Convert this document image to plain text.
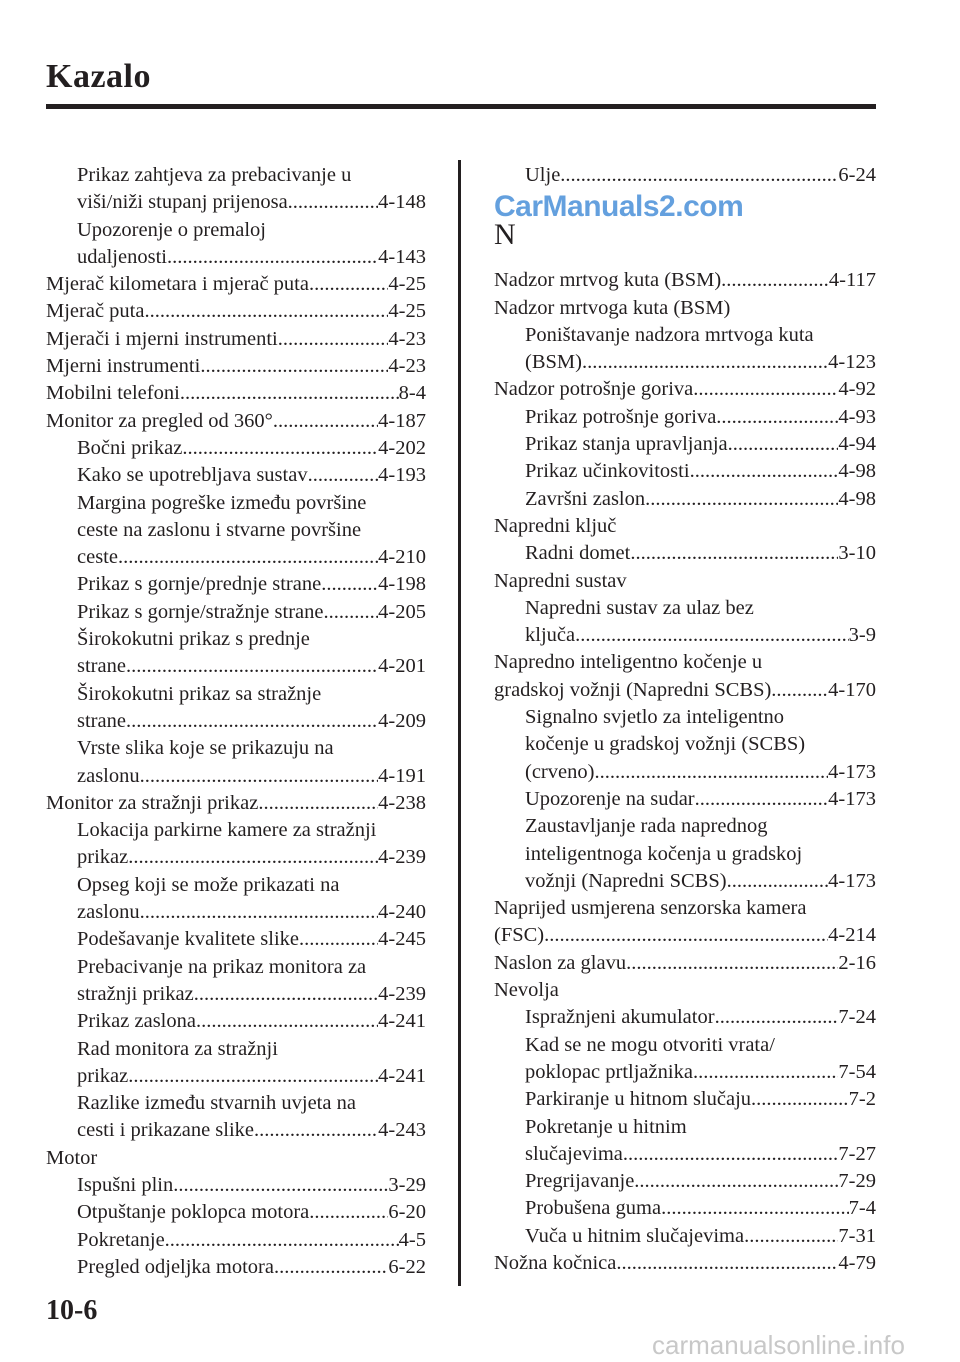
Kazalo
Prikaz zahtjeva za prebacivanje u
viši/niži stupanj prijenosa .....	4-148
Upozorenje o premaloj
udaljenosti .....	4-143
Mjerač kilometara i mjerač puta .....	4-25
Mjerač puta .....	4-25
Mjerači i mjerni instrumenti .....	4-23
Mjerni instrumenti .....	4-23
Mobilni telefoni .....	8-4
Monitor za pregled od 360° .....	4-187
Bočni prikaz .....	4-202
Kako se upotrebljava sustav .....	4-193
Margina pogreške između površine
ceste na zaslonu i stvarne površine
ceste .....	4-210
Prikaz s gornje/prednje strane .....	4-198
Prikaz s gornje/stražnje strane .....	4-205
Širokokutni prikaz s prednje
strane .....	4-201
Širokokutni prikaz sa stražnje
strane .....	4-209
Vrste slika koje se prikazuju na
zaslonu .....	4-191
Monitor za stražnji prikaz .....	4-238
Lokacija parkirne kamere za stražnji
prikaz .....	4-239
Opseg koji se može prikazati na
zaslonu .....	4-240
Podešavanje kvalitete slike .....	4-245
Prebacivanje na prikaz monitora za
stražnji prikaz .....	4-239
Prikaz zaslona .....	4-241
Rad monitora za stražnji
prikaz .....	4-241
Razlike između stvarnih uvjeta na
cesti i prikazane slike .....	4-243
Motor
Ispušni plin .....	3-29
Otpuštanje poklopca motora .....	6-20
Pokretanje .....	4-5
Pregled odjeljka motora .....	6-22
Ulje .....	6-24
N
Nadzor mrtvog kuta (BSM) .....	4-117
Nadzor mrtvoga kuta (BSM)
Poništavanje nadzora mrtvoga kuta
(BSM) .....	4-123
Nadzor potrošnje goriva .....	4-92
Prikaz potrošnje goriva .....	4-93
Prikaz stanja upravljanja .....	4-94
Prikaz učinkovitosti .....	4-98
Završni zaslon .....	4-98
Napredni ključ
Radni domet .....	3-10
Napredni sustav
Napredni sustav za ulaz bez
ključa .....	3-9
Napredno inteligentno kočenje u
gradskoj vožnji (Napredni SCBS) .....	4-170
Signalno svjetlo za inteligentno
kočenje u gradskoj vožnji (SCBS)
(crveno) .....	4-173
Upozorenje na sudar .....	4-173
Zaustavljanje rada naprednog
inteligentnoga kočenja u gradskoj
vožnji (Napredni SCBS) .....	4-173
Naprijed usmjerena senzorska kamera
(FSC) .....	4-214
Naslon za glavu .....	2-16
Nevolja
Ispražnjeni akumulator .....	7-24
Kad se ne mogu otvoriti vrata/
poklopac prtljažnika .....	7-54
Parkiranje u hitnom slučaju .....	7-2
Pokretanje u hitnim
slučajevima .....	7-27
Pregrijavanje .....	7-29
Probušena guma .....	7-4
Vuča u hitnim slučajevima .....	7-31
Nožna kočnica .....	4-79
CarManuals2.com
10-6
carmanualsonline.info
